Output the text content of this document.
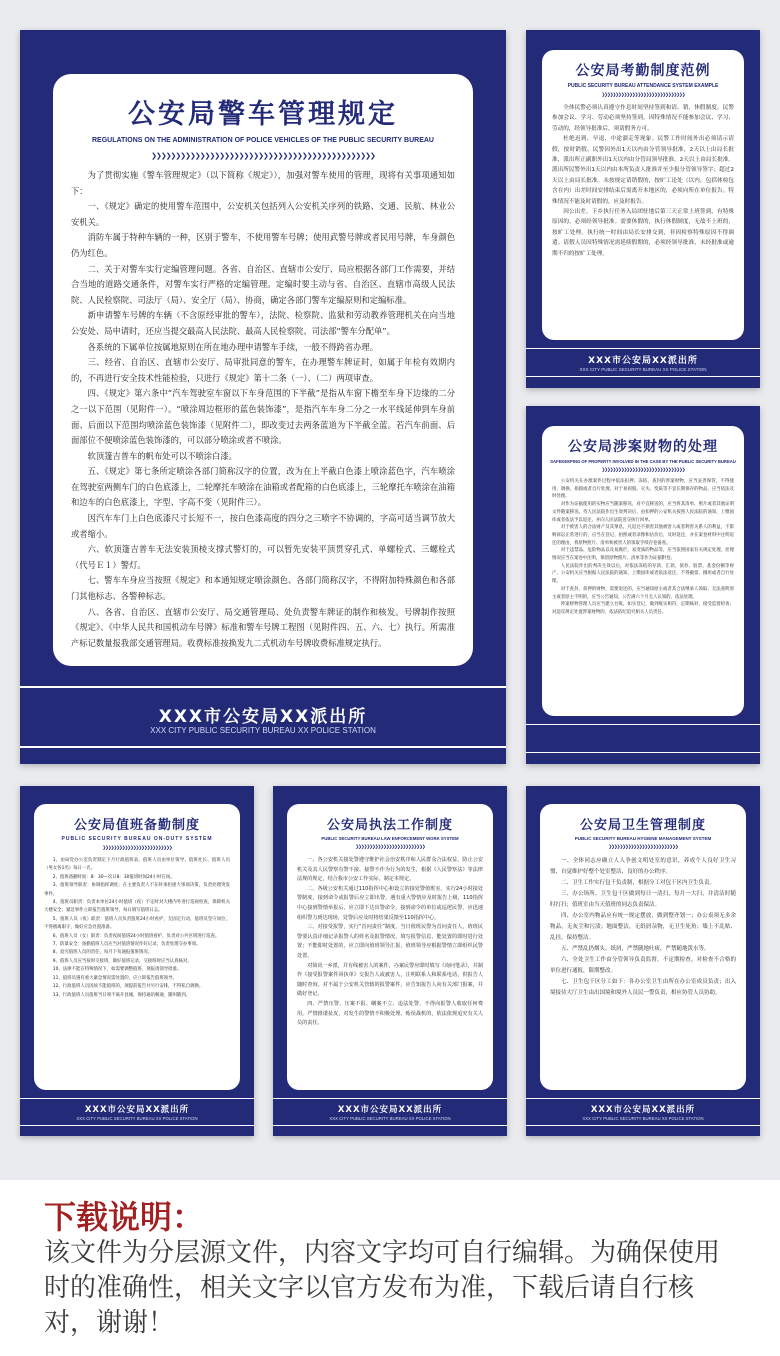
公安局警车管理规定
REGULATIONS ON THE ADMINISTRATION OF POLICE VEHICLES OF THE PUBLIC SECURITY BUREAU
❯❯❯❯❯❯❯❯❯❯❯❯❯❯❯❯❯❯❯❯❯❯❯❯❯❯❯❯❯❯❯❯❯❯❯❯❯❯❯❯❯❯❯❯❯❯

为了贯彻实施《警车管理规定》（以下简称《规定》），加强对警车使用的管理，现将有关事项通知如下：

一、《规定》确定的使用警车范围中，公安机关包括列入公安机关序列的铁路、交通、民航、林业公安机关。

消防车属于特种车辆的一种，区别于警车，不使用警车号牌；使用武警号牌或者民用号牌，车身颜色仍为红色。

二、关于对警车实行定编管理问题。各省、自治区、直辖市公安厅、局应根据各部门工作需要，并结合当地的道路交通条件，对警车实行严格的定编管理。定编时要主动与省、自治区、直辖市高级人民法院、人民检察院、司法厅（局）、安全厅（局）、协商，确定各部门警车定编原则和定编标准。

新申请警车号牌的车辆（不含原经审批的警车），法院、检察院、监狱和劳动教养管理机关在向当地公安处、局申请时，还应当提交最高人民法院、最高人民检察院、司法部“警车分配单”。

各系统的下属单位按属地原则在所在地办理申请警车手续，一般不得跨省办理。

三、经省、自治区、直辖市公安厅、局审批同意的警车，在办理警车牌证时，如属于年检有效期内的，不再进行安全技术性能检验，只进行《规定》第十二条（一）、（二）两项审查。

四、《规定》第六条中“汽车驾驶室车窗以下车身范围的下半截”是指从车窗下檐至车身下边缘的二分之一以下范围（见附件一）。“喷涂周边框形的蓝色装饰漆”，是指汽车车身二分之一水平线延伸到车身前面、后面以下范围均喷涂蓝色装饰漆（见附件二），即改变过去两条蓝道为下半截全蓝。若汽车前面、后面部位不便喷涂蓝色装饰漆的，可以部分喷涂或者不喷涂。

软顶篷吉普车的帆布处可以不喷涂白漆。

五、《规定》第七条所定喷涂各部门简称汉字的位置，改为在上半截白色漆上喷涂蓝色字，汽车喷涂在驾驶室两侧车门的白色底漆上，二轮摩托车喷涂在油箱或者配箱的白色底漆上，三轮摩托车喷涂在油箱和边车的白色底漆上，字型、字高不变（见附件三）。

因汽车车门上白色底漆尺寸长短不一，按白色漆高度的四分之三喷字不协调的，字高可适当调节放大或者缩小。

六、软顶篷吉普车无法安装顶棱支撑式警灯的，可以暂先安装平顶贯穿孔式、单螺栓式、三螺栓式（代号Ｅ１）警灯。

七、警车车身应当按照《规定》和本通知规定喷涂颜色、各部门简称汉字，不得附加特殊颜色和各部门其他标志、各警种标志。

八、各省、自治区、直辖市公安厅、局交通管理局、处负责警车牌证的制作和核发。号牌制作按照《规定》、《中华人民共和国机动车号牌》标准和警车号牌工程图（见附件四、五、六、七）执行。所需准产标记数量报我部交通管理局。收费标准按换发九二式机动车号牌收费标准规定执行。

XXX市公安局XX派出所
XXX CITY PUBLIC SECURITY BUREAU XX POLICE STATION
公安局考勤制度范例
PUBLIC SECURITY BUREAU ATTENDANCE SYSTEM EXAMPLE
❯❯❯❯❯❯❯❯❯❯❯❯❯❯❯❯❯❯❯❯❯❯❯❯❯❯❯❯❯❯

全体民警必须认真遵守作息时间坚持签到和请、销、休假制度。民警参加会议、学习、劳动必须坚持签到，因特殊情况不能参加会议、学习、劳动的，经领导批准后，须请假务方可。

杜绝迟到、早退、中途溜走等现象。民警工作时间外出必须请示请假，按时销假。民警因外出1天以内由分管领导批准，2天以上由局长批准，派出所正副职外出1天以内由分管局领导批准，2天以上由局长批准。派出所民警外出1天以内由本所负责人批准并至少报分管领导签字；超过2天以上由局长批准。未按规定请销假的，按旷工论处（以内，包括体检包含在内）出差时间安排结束后需离开本地区的，必须向所在单位报告。特殊情况不能及时请假的，应及时报告。

因公出差，下乡执行任务入局团驻地后第三天正常上班签到，有特殊原因的，必须经领导批准。需要休假的，执行休假制度，无故不上班的，按旷工处理。执行统一时间由局长安排交到，非因检察特殊原因不得调遣。请假人员因特殊情况需延续假期的，必须经领导批准，未经批准或逾期不归的按旷工处理。

XXX市公安局XX派出所
XXX CITY PUBLIC SECURITY BUREAU XX POLICE STATION
公安局涉案财物的处理
SAFEKEEPING OF PROPERTY INVOLVED IN THE CASE BY THE PUBLIC SECURITY BUREAU
❯❯❯❯❯❯❯❯❯❯❯❯❯❯❯❯❯❯❯❯❯❯❯❯❯❯❯❯❯❯

公安机关在办理案件过程中依法扣押、冻结、查封的涉案财物，应当妥善保管，不得使用、调换、损毁或者自行处理，对于易损毁、灭失、变质等不宜长期保存的物品，应当依法及时处理。

对作为证据使用的实物应当随案移送，对不宜移送的，应当将其清单、照片或者其他证明文件随案移送。待人民法院作出生效判决后，由扣押的公安机关按照人民法院的通知，上缴国库或者依法予以返还，并向人民法院送交执行回单。

对于被害人的合法财产及其孳息，凡返还不损害其他被害人或者利害关系人的利益，不影响诉讼正常进行的，应当在登记、拍照或者录像和估价后，及时返还，并在案卷材料中注明返还的理由，将原物照片、清单和被害人的领取手续存卷备查。

对于违禁品、危险物品以及易腐烂、易变质的物品等，应当依照国家有关规定处理，处理情况应当在案卷中注明，保留原物照片、清单等作为证据附卷。

人民法院作出的判决生效以后，对依法冻结的存款、汇款、债券、股票、基金份额等财产，公安机关应当根据人民法院的通知，上缴国库或者依法返还，不得截留、挪用或者自行处理。

对于查封、扣押的财物，需要退还的，应当通知原主或者其合法继承人领取；无法查明原主或者原主不明的，应当公告通知，公告满六个月无人认领的，依法处理。

涉案财物管理人员应当建立台账，如实登记，做到账实相符，定期核对，接受监督检查；对违反规定处置涉案财物的，依法依纪追究相关人员责任。

公安局值班备勤制度
PUBLIC SECURITY BUREAU ON-DUTY SYSTEM
❯❯❯❯❯❯❯❯❯❯❯❯❯❯❯❯❯❯❯❯❯❯❯❯❯

1、由局党办公室负责制定下月行政值班表，值班人员由单位领导、值班社长、值班人员（男女各1名）每日一名。

2、值班备勤时间：8：30—次日8：30值班时间24小时在岗。

3、值班领导职责：协调指挥调度；在主要负责人不在时承担重大事项决策，负责处理突发事件。

4、值班员职责：负责本单位24小时值班（夜）不定时对大楼内外进行巡视检查，保障机关大楼安全；紧急事件立即报告值班领导，每日填写值班日志。

5、值班人员（夜）职责：值班人员负责值班24小时看护，无固定行动，值班员坚守岗位，不得擅离职守，做好应急处置准备。

6、值班人员（女）职责：负责夜间值班24小时值班看护，负责对公共区域进行巡查。

7、防暴安全：备勤值班人员应当对值班情况作好记录，负责处理交办事项。

8、追究值班人员的责任，每月下旬通报值班情况。

9、值班人员应当按时交接班，做好值班记录，交接班时应当认真核对。

10、法律不能在特殊情况下，如需要调整值班，须报请领导批准。

11、值班员遇有重大紧急情况需处置的，应立即报告值班领导。

12、行政值班人员因故不能值班的，须提前报告并另行安排，不得私自调换。

13、行政值班人员值班当日须不离开县城，保持通讯畅通，随叫随到。

XXX市公安局XX派出所
XXX CITY PUBLIC SECURITY BUREAU XX POLICE STATION
公安局执法工作制度
PUBLIC SECURITY BUREAU LAW ENFORCEMENT WORK SYSTEM
❯❯❯❯❯❯❯❯❯❯❯❯❯❯❯❯❯❯❯❯❯❯❯❯❯

一、各公安机关接处警遵守维护社会治安秩序和人民群众合法权益，防止公安机关及其人民警察有警不接、接警不作为行为的发生，根据《人民警察法》等法律法规的规定，结合我市公安工作实际，制定本规定。

二、各级公安机关通过110指挥中心和设立的接处警值班室，实行24小时接处警制度，接到命令或报警后应立即出警，遇有重大警情应及时报告上级，110指挥中心接到警情举报后，应立即下达出警命令，接到命令的单位或巡逻民警，应迅速组织警力到达现场，处警后应及时将结果反馈至110指挥中心。

三、对接受报警，实行“首问责任”制度，当日值班民警为首问责任人，值班民警要认真详细记录报警人的姓名及报警情况，填写报警信息，能处置的即时进行处置；不能即时处置的，应立即向值班领导汇报，值班领导应根据警情立即组织民警处置。

对简讯一乡派，并有线被害人的案件，办案民警应即时填写《询问笔录》，并制作《接受报警案件回执单》交报告人或被害人，注明联系人和联系电话，供报告人随时查询。对不属于公安机关管辖的报警案件，应告知报告人向有关部门报案，并做好登记。

四、严禁压警、压案不报、瞒案不立、违法处警，不得向报警人收取任何费用。严禁推诿扯皮，对发生的警情不积极处理、贻误战机的，依法依规追究有关人员的责任。

XXX市公安局XX派出所
XXX CITY PUBLIC SECURITY BUREAU XX POLICE STATION
公安局卫生管理制度
PUBLIC SECURITY BUREAU HYGIENE MANAGEMENT SYSTEM
❯❯❯❯❯❯❯❯❯❯❯❯❯❯❯❯❯❯❯❯❯❯❯❯❯

一、全体同志应确立人人争创文明处室的意识，养成个人良好卫生习惯，自觉维护好整个处室整洁、良好的办公秩序。

二、卫生工作实行包干负责制，根据分工对包干区内卫生负责。

三、办公场所、卫生包干区做到每日一清扫，每月一大扫，并清洁时随时打扫；值班室由当天值班的同志负责保洁。

四、办公室内物品应有统一规定摆放，做到整齐划一；办公桌须无多余物品，无灰尘和污渍；地面整洁，无纸屑杂物，无卫生死角；墙上不乱贴、乱挂，保持整洁。

五、严禁乱扔烟头、纸屑，严禁随地吐痰，严禁随地泼水等。

六、全处卫生工作由分管领导负责监督，不定期检查，对检查不合格的单位进行通报，限期整改。

七、卫生包干区分工如下：各办公室卫生由所在办公室成员负责；出入境接待大厅卫生由出国境和境外人员民一警负责，相应协管人员协助。

XXX市公安局XX派出所
XXX CITY PUBLIC SECURITY BUREAU XX POLICE STATION
下载说明：
该文件为分层源文件，内容文字均可自行编辑。为确保使用时的准确性，相关文字以官方发布为准，下载后请自行核对，谢谢！
